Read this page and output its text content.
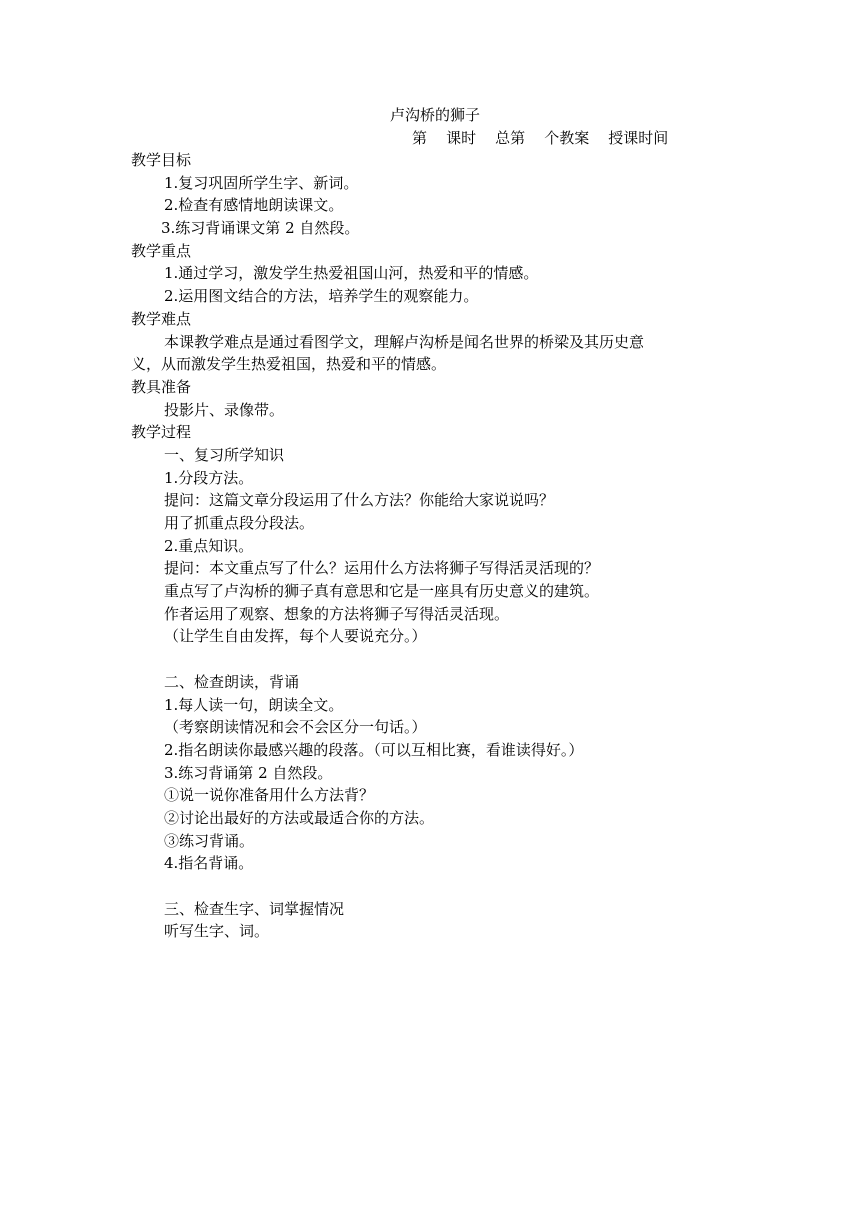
卢沟桥的狮子
第    课时    总第    个教案    授课时间
教学目标
1.复习巩固所学生字、新词。
2.检查有感情地朗读课文。
3.练习背诵课文第 2 自然段。
教学重点
1.通过学习，激发学生热爱祖国山河，热爱和平的情感。
2.运用图文结合的方法，培养学生的观察能力。
教学难点
本课教学难点是通过看图学文，理解卢沟桥是闻名世界的桥梁及其历史意
义，从而激发学生热爱祖国，热爱和平的情感。
教具准备
投影片、录像带。
教学过程
一、复习所学知识
1.分段方法。
提问：这篇文章分段运用了什么方法？你能给大家说说吗？
用了抓重点段分段法。
2.重点知识。
提问：本文重点写了什么？运用什么方法将狮子写得活灵活现的？
重点写了卢沟桥的狮子真有意思和它是一座具有历史意义的建筑。
作者运用了观察、想象的方法将狮子写得活灵活现。
（让学生自由发挥，每个人要说充分。）
二、检查朗读，背诵
1.每人读一句，朗读全文。
（考察朗读情况和会不会区分一句话。）
2.指名朗读你最感兴趣的段落。（可以互相比赛，看谁读得好。）
3.练习背诵第 2 自然段。
①说一说你准备用什么方法背？
②讨论出最好的方法或最适合你的方法。
③练习背诵。
4.指名背诵。
三、检查生字、词掌握情况
听写生字、词。
